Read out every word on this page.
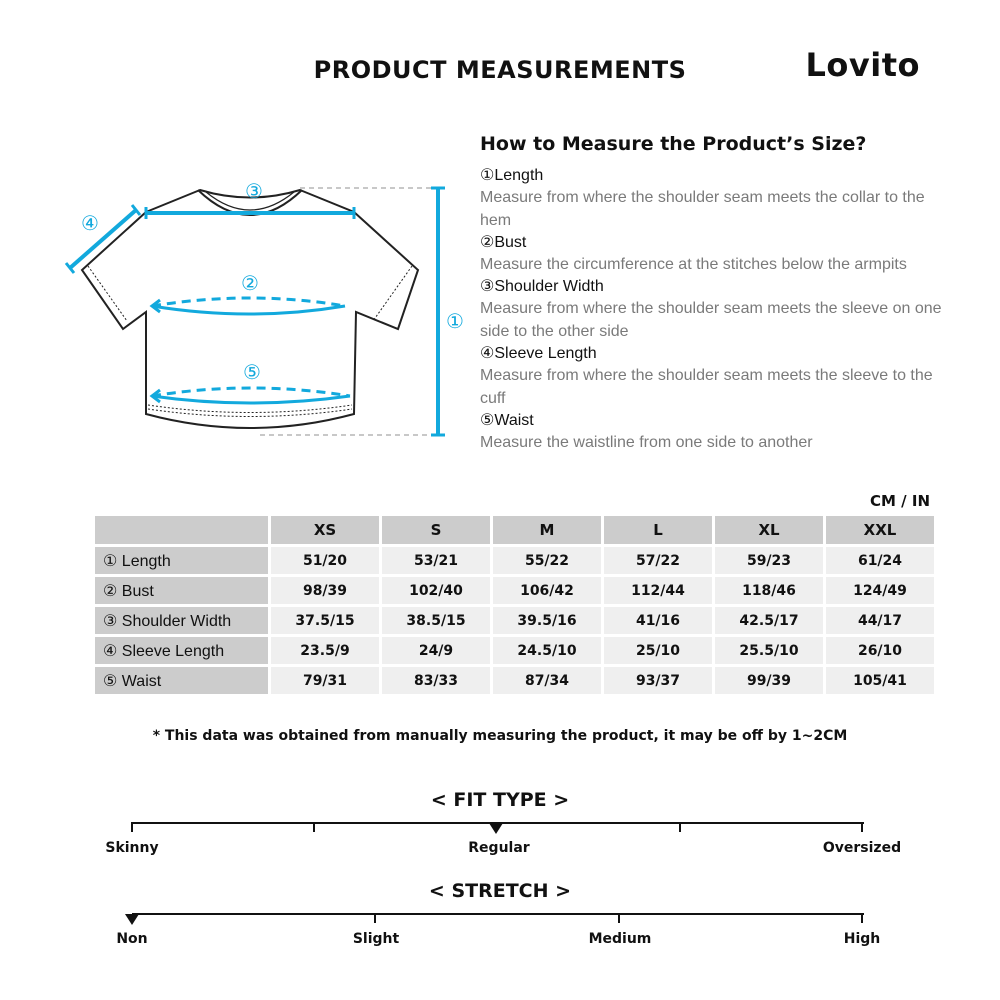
PRODUCT MEASUREMENTS	Lovito
③
④
②
①
⑤
How to Measure the Product’s Size?
①Length
Measure from where the shoulder seam meets the collar to the hem
②Bust
Measure the circumference at the stitches below the armpits
③Shoulder Width
Measure from where the shoulder seam meets the sleeve on one side to the other side
④Sleeve Length
Measure from where the shoulder seam meets the sleeve to the cuff
⑤Waist
Measure the waistline from one side to another
CM / IN
	XS	S	M	L	XL	XXL
① Length	51/20	53/21	55/22	57/22	59/23	61/24
② Bust	98/39	102/40	106/42	112/44	118/46	124/49
③ Shoulder Width	37.5/15	38.5/15	39.5/16	41/16	42.5/17	44/17
④ Sleeve Length	23.5/9	24/9	24.5/10	25/10	25.5/10	26/10
⑤ Waist	79/31	83/33	87/34	93/37	99/39	105/41
* This data was obtained from manually measuring the product, it may be off by 1~2CM
< FIT TYPE >
Skinny	Regular	Oversized
< STRETCH >
Non	Slight	Medium	High
